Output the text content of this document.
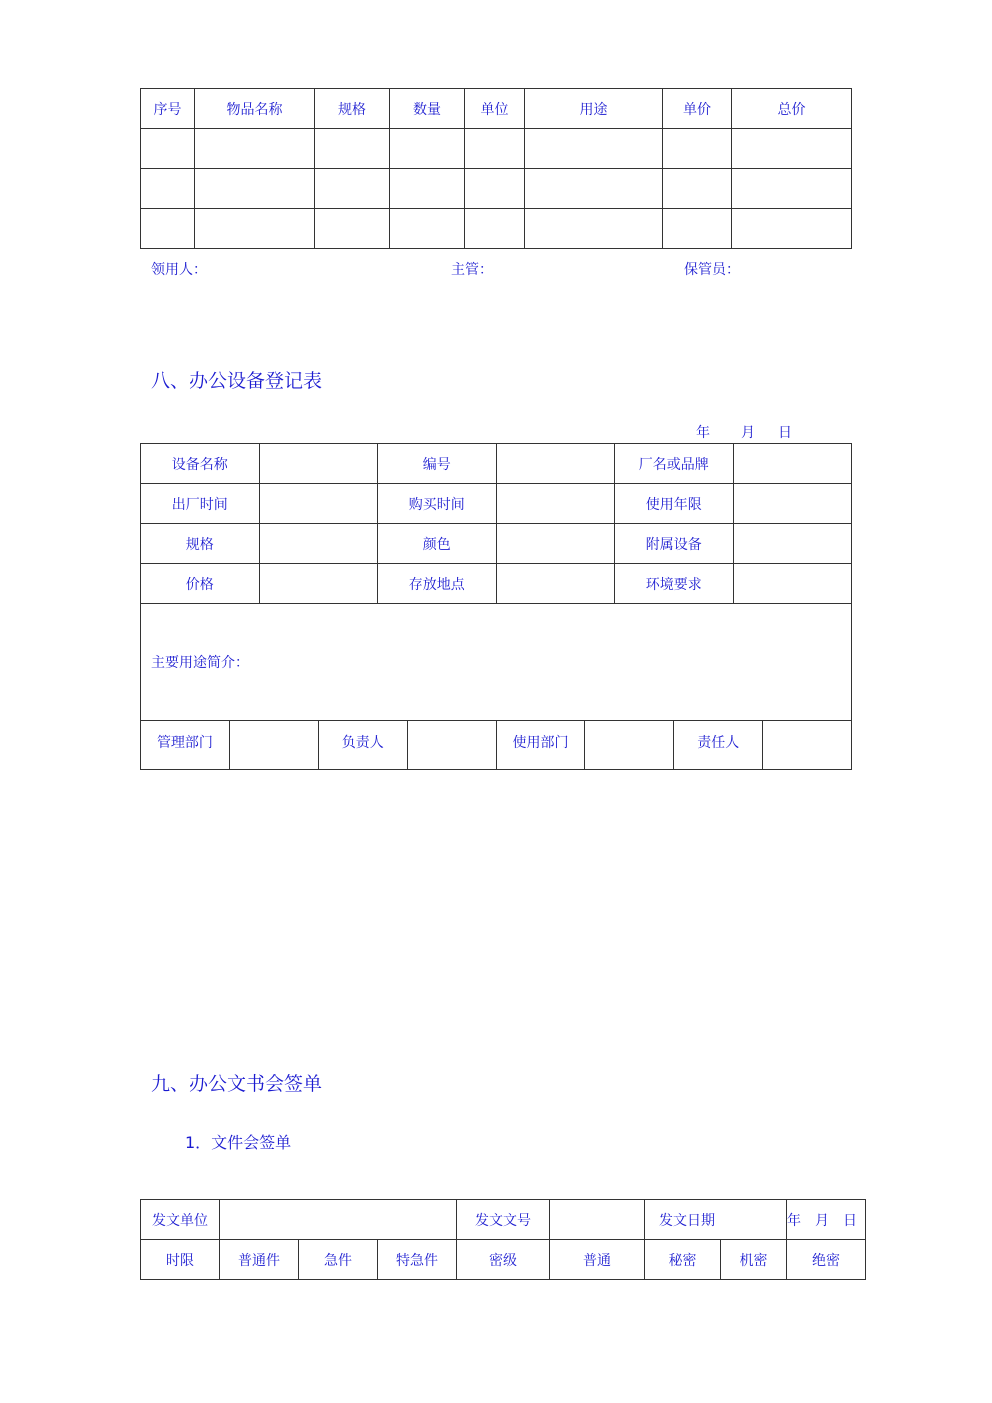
序号	物品名称	规格	数量	单位	用途	单价	总价

领用人：	主管：	保管员：
八、办公设备登记表
年 月 日
设备名称		编号		厂名或品牌	
出厂时间		购买时间		使用年限	
规格		颜色		附属设备	
价格		存放地点		环境要求	
主要用途简介：					
管理部门		负责人		使用部门		责任人	
九、办公文书会签单
1．文件会签单
发文单位				发文文号		发文日期		年　月　日
时限	普通件	急件	特急件	密级	普通	秘密	机密	绝密
